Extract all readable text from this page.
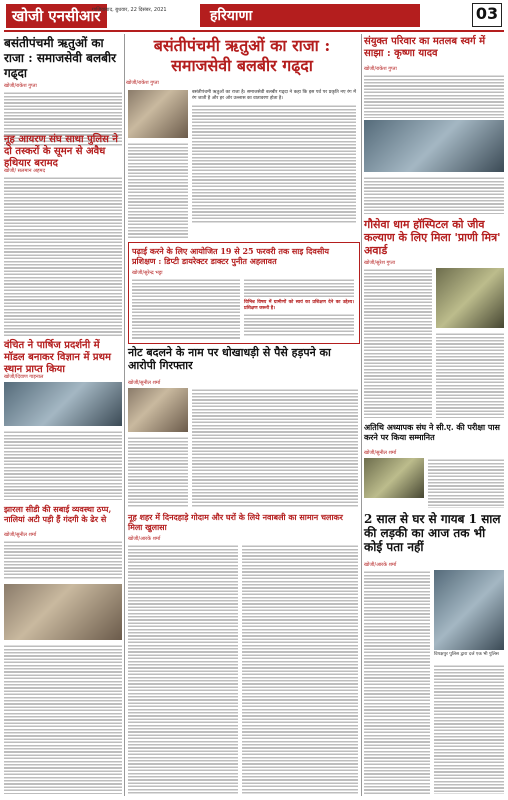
खोजी एनसीआर
गाज़ियाबाद, बुधवार, 22 दिसंबर, 2021	हरियाणा	03
बसंतीपंचमी ऋतुओं का राजा : समाजसेवी बलबीर गढ्दा
खोजी/राकेश गुप्ता
बसंतीपंचमी ऋतुओं का राजा : समाजसेवी बलबीर गढ्दा
खोजी/राकेश गुप्ता
बसंतीपंचमी ऋतुओं का राजा है। समाजसेवी बलबीर गढ्दा ने कहा कि इस पर्व पर प्रकृति नए रंग में रंग जाती है और हर ओर उल्लास का वातावरण होता है।
संयुक्त परिवार का मतलब स्वर्ग में साझा : कृष्णा यादव
खोजी/राकेश गुप्ता
नूह आयरण संघ साथा पुलिस ने दो तस्करों के सूमन से अवैध हथियार बरामद
खोजी/ सलमान अहमद
पढ़ाई करने के लिए आयोजित 19 से 25 फरवरी तक साइ दिवसीय प्रशिक्षण : डिप्टी डायरेक्टर डाक्टर पुनीत अहलावत
खोजी/सुरेन्द्र भट्टा
विभिन्न विषय में ग्रामीणों को स्वयं का प्रशिक्षण देने का उद्देश्य। प्रशिक्षण जरूरी है।
गौसेवा धाम हॉस्पिटल को जीव कल्याण के लिए मिला 'प्राणी मित्र' अवार्ड
खोजी/सुरेश गुप्ता
वंचित ने पार्षिज प्रदर्शनी में मॉडल बनाकर विज्ञान में प्रथम स्थान प्राप्त किया
खोजी/दिवाण गाइनाल
नोट बदलने के नाम पर धोखाधड़ी से पैसे हड़पने का आरोपी गिरफ्तार
खोजी/सुनील शर्मा
अतिथि अध्यापक संघ ने सी.ए. की परीक्षा पास करने पर किया सम्मानित
खोजी/सुनील शर्मा
झारला सीडी की सबाई व्यवस्था ठप्प, नालियां अटी पड़ी हैं गंदगी के ढेर से
खोजी/सुनील शर्मा
नूह शहर में दिनदहाड़े गोदाम और घरों के लिये नवाबली का सामान चलाकर मिला खुलासा
खोजी/आरके शर्मा
2 साल से घर से गायब 1 साल की लड़की का आज तक भी कोई पता नहीं
खोजी/आरके शर्मा
विपक्षपुर पुलिस द्वारा दर्ज एक भी पुलिस
